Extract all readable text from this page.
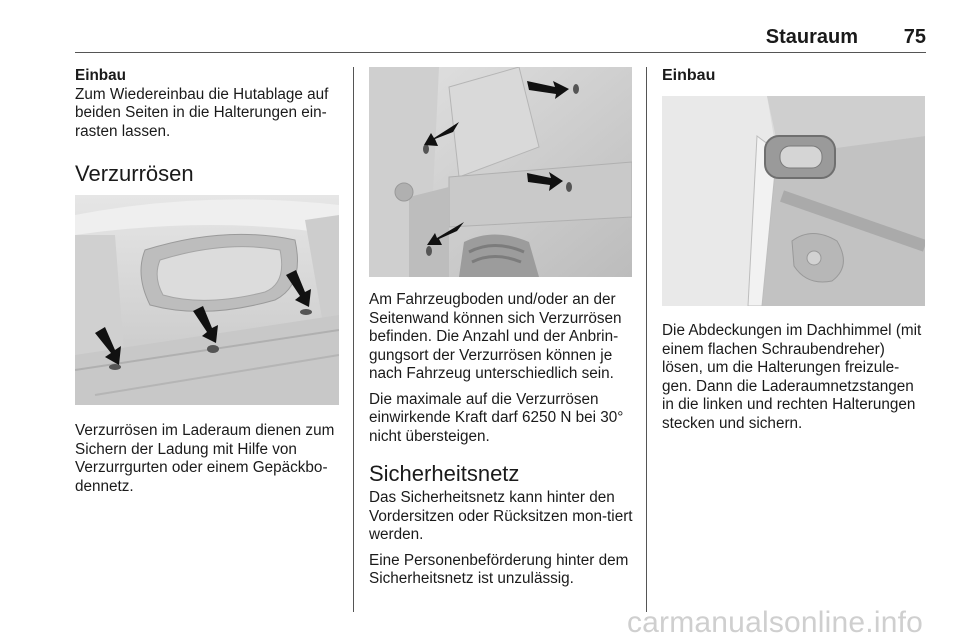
Stauraum 75

Einbau

Zum Wiedereinbau die Hutablage auf beiden Seiten in die Halterungen ein-rasten lassen.

Verzurrösen
Verzurrösen im Laderaum dienen zum Sichern der Ladung mit Hilfe von Verzurrgurten oder einem Gepäckbo-dennetz.

Am Fahrzeugboden und/oder an der Seitenwand können sich Verzurrösen befinden. Die Anzahl und der Anbrin-gungsort der Verzurrösen können je nach Fahrzeug unterschiedlich sein.

Die maximale auf die Verzurrösen einwirkende Kraft darf 6250 N bei 30° nicht übersteigen.

Sicherheitsnetz

Das Sicherheitsnetz kann hinter den Vordersitzen oder Rücksitzen mon-tiert werden.

Eine Personenbeförderung hinter dem Sicherheitsnetz ist unzulässig.

Einbau
Die Abdeckungen im Dachhimmel (mit einem flachen Schraubendreher) lösen, um die Halterungen freizule-gen. Dann die Laderaumnetzstangen in die linken und rechten Halterungen stecken und sichern.
carmanualsonline.info
